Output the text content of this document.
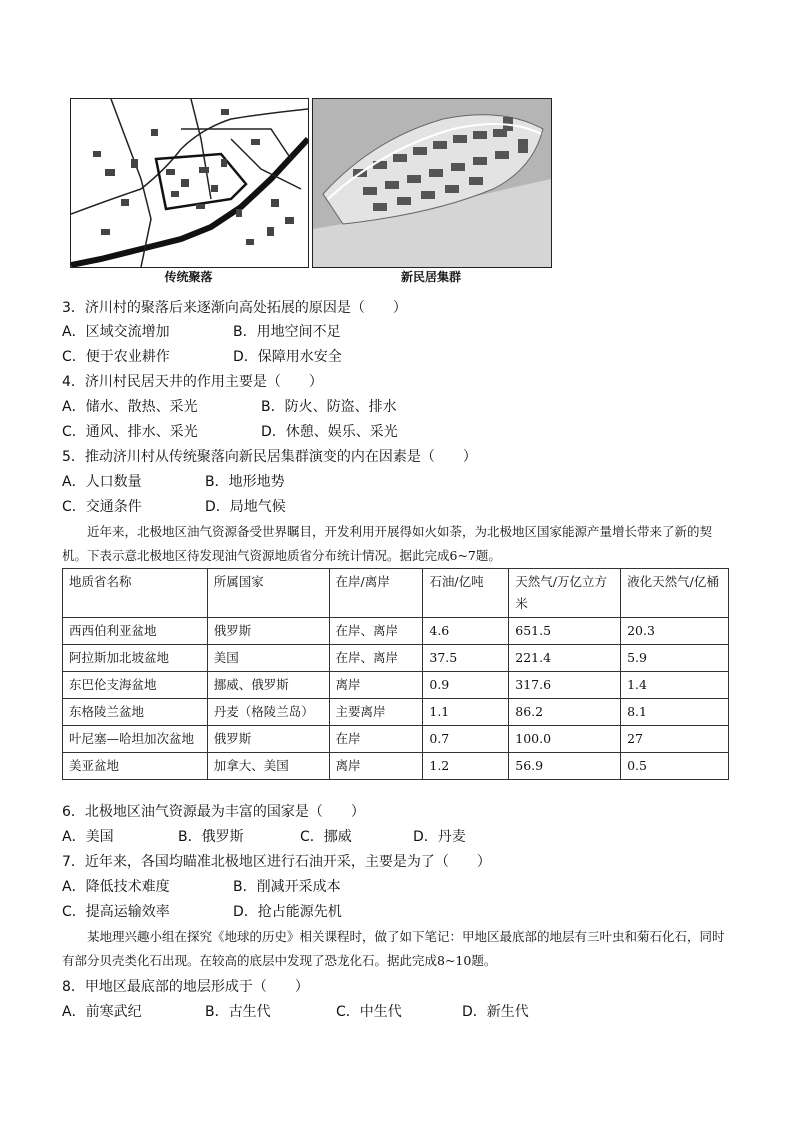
传统聚落	新民居集群
3．济川村的聚落后来逐渐向高处拓展的原因是（　　）
A．区域交流增加	B．用地空间不足
C．便于农业耕作	D．保障用水安全
4．济川村民居天井的作用主要是（　　）
A．储水、散热、采光	B．防火、防盗、排水
C．通风、排水、采光	D．休憩、娱乐、采光
5．推动济川村从传统聚落向新民居集群演变的内在因素是（　　）
A．人口数量	B．地形地势
C．交通条件	D．局地气候
近年来，北极地区油气资源备受世界瞩目，开发利用开展得如火如荼，为北极地区国家能源产量增长带来了新的契机。下表示意北极地区待发现油气资源地质省分布统计情况。据此完成6~7题。
地质省名称	所属国家	在岸/离岸	石油/亿吨	天然气/万亿立方米	液化天然气/亿桶
西西伯利亚盆地	俄罗斯	在岸、离岸	4.6	651.5	20.3
阿拉斯加北坡盆地	美国	在岸、离岸	37.5	221.4	5.9
东巴伦支海盆地	挪威、俄罗斯	离岸	0.9	317.6	1.4
东格陵兰盆地	丹麦（格陵兰岛）	主要离岸	1.1	86.2	8.1
叶尼塞—哈坦加次盆地	俄罗斯	在岸	0.7	100.0	27
美亚盆地	加拿大、美国	离岸	1.2	56.9	0.5
6．北极地区油气资源最为丰富的国家是（　　）
A．美国	B．俄罗斯	C．挪威	D．丹麦
7．近年来，各国均瞄准北极地区进行石油开采，主要是为了（　　）
A．降低技术难度	B．削减开采成本
C．提高运输效率	D．抢占能源先机
某地理兴趣小组在探究《地球的历史》相关课程时，做了如下笔记：甲地区最底部的地层有三叶虫和菊石化石，同时有部分贝壳类化石出现。在较高的底层中发现了恐龙化石。据此完成8~10题。
8．甲地区最底部的地层形成于（　　）
A．前寒武纪	B．古生代	C．中生代	D．新生代
